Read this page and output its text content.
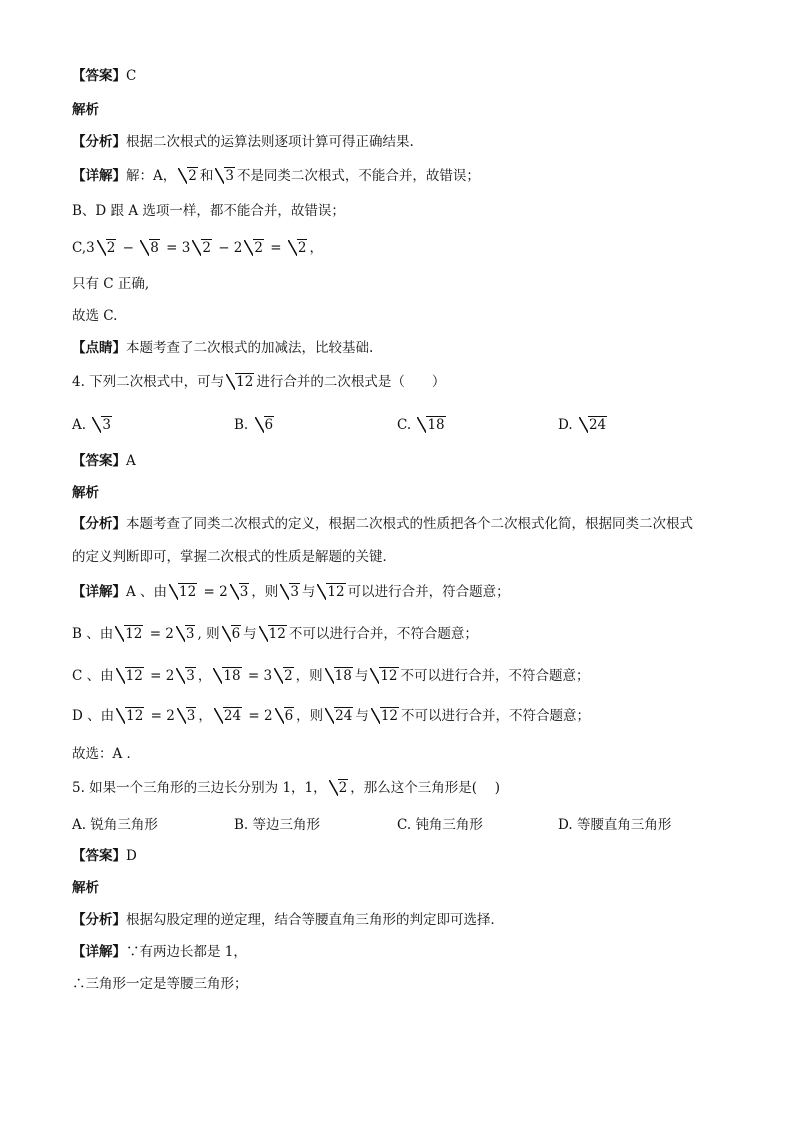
【答案】C
解析
【分析】根据二次根式的运算法则逐项计算可得正确结果.
【详解】解：A， 2 和 3 不是同类二次根式，不能合并，故错误；
B、D 跟 A 选项一样，都不能合并，故错误；
C,3 2 − 8 = 3 2 − 2 2 = 2 ，
只有 C 正确,
故选 C.
【点睛】本题考查了二次根式的加减法，比较基础.
4. 下列二次根式中，可与 12 进行合并的二次根式是（　　）
A. 3	B. 6	C. 18	D. 24
【答案】A
解析
【分析】本题考查了同类二次根式的定义，根据二次根式的性质把各个二次根式化简，根据同类二次根式
的定义判断即可，掌握二次根式的性质是解题的关键．
【详解】A 、由 12 = 2 3 ，则 3 与 12 可以进行合并，符合题意；
B 、由 12 = 2 3 , 则 6 与 12 不可以进行合并，不符合题意；
C 、由 12 = 2 3 ， 18 = 3 2 ，则 18 与 12 不可以进行合并，不符合题意；
D 、由 12 = 2 3 ， 24 = 2 6 ，则 24 与 12 不可以进行合并，不符合题意；
故选：A ．
5. 如果一个三角形的三边长分别为 1，1， 2 ，那么这个三角形是(　 )
A. 锐角三角形	B. 等边三角形	C. 钝角三角形	D. 等腰直角三角形
【答案】D
解析
【分析】根据勾股定理的逆定理，结合等腰直角三角形的判定即可选择．
【详解】∵有两边长都是 1，
∴三角形一定是等腰三角形；
